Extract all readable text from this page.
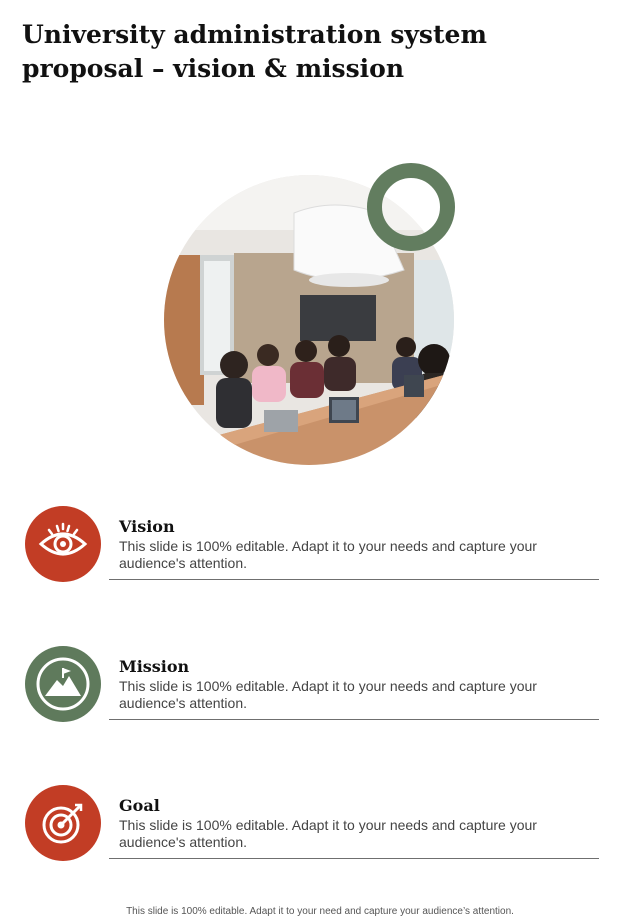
University administration system proposal – vision & mission
Vision

This slide is 100% editable. Adapt it to your needs and capture your audience's attention.

Mission

This slide is 100% editable. Adapt it to your needs and capture your audience's attention.

Goal

This slide is 100% editable. Adapt it to your needs and capture your audience's attention.

This slide is 100% editable. Adapt it to your need and capture your audience’s attention.
